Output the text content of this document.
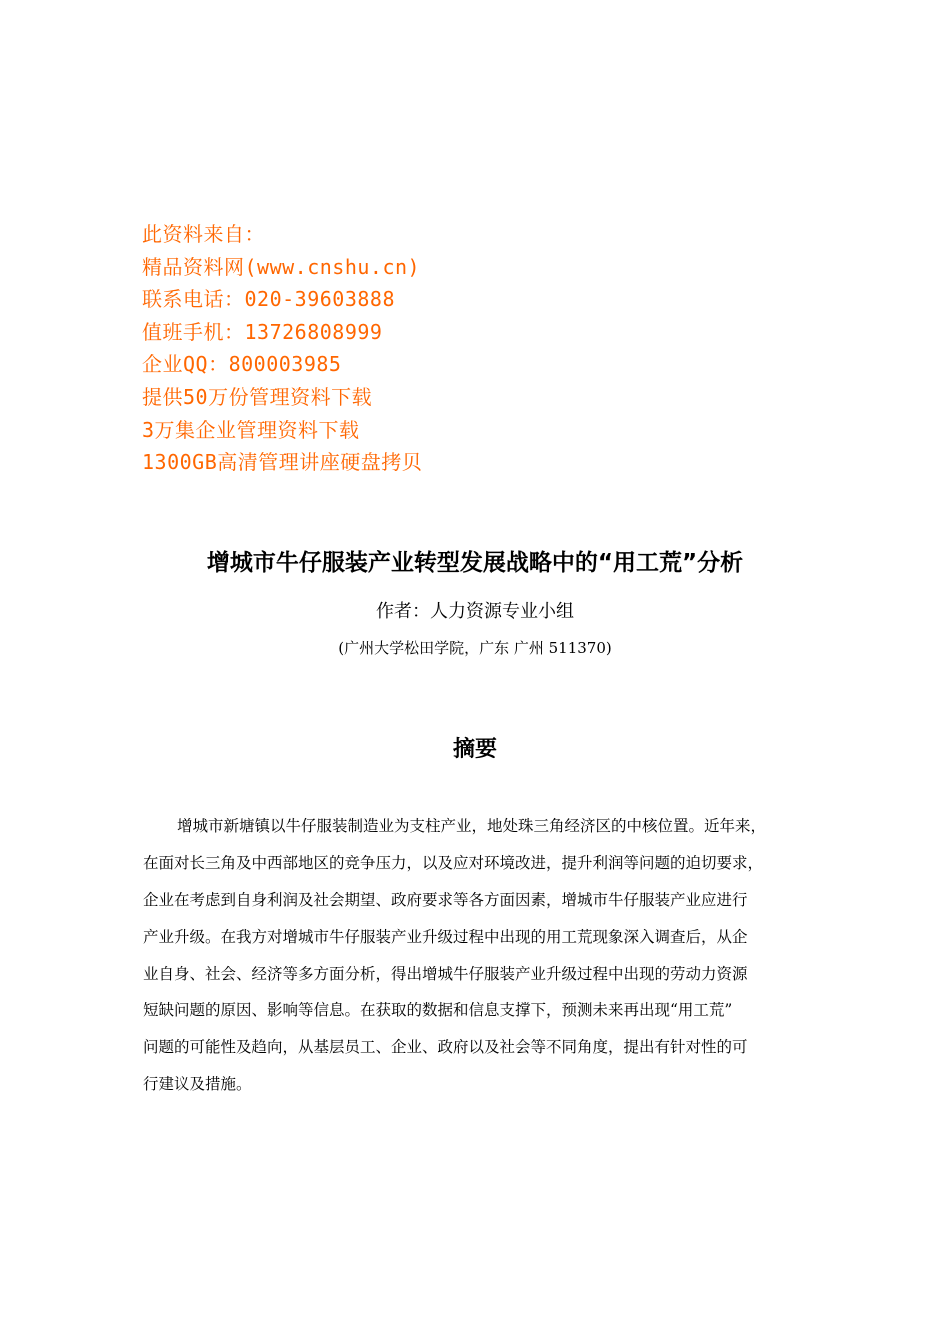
此资料来自：
精品资料网(www.cnshu.cn)
联系电话：020-39603888
值班手机：13726808999
企业QQ：800003985
提供50万份管理资料下载
3万集企业管理资料下载
1300GB高清管理讲座硬盘拷贝
增城市牛仔服装产业转型发展战略中的“用工荒”分析
作者：人力资源专业小组
(广州大学松田学院，广东 广州 511370)
摘要
增城市新塘镇以牛仔服装制造业为支柱产业，地处珠三角经济区的中核位置。近年来，
在面对长三角及中西部地区的竞争压力，以及应对环境改进，提升利润等问题的迫切要求，
企业在考虑到自身利润及社会期望、政府要求等各方面因素，增城市牛仔服装产业应进行
产业升级。在我方对增城市牛仔服装产业升级过程中出现的用工荒现象深入调查后，从企
业自身、社会、经济等多方面分析，得出增城牛仔服装产业升级过程中出现的劳动力资源
短缺问题的原因、影响等信息。在获取的数据和信息支撑下，预测未来再出现“用工荒”
问题的可能性及趋向，从基层员工、企业、政府以及社会等不同角度，提出有针对性的可
行建议及措施。
